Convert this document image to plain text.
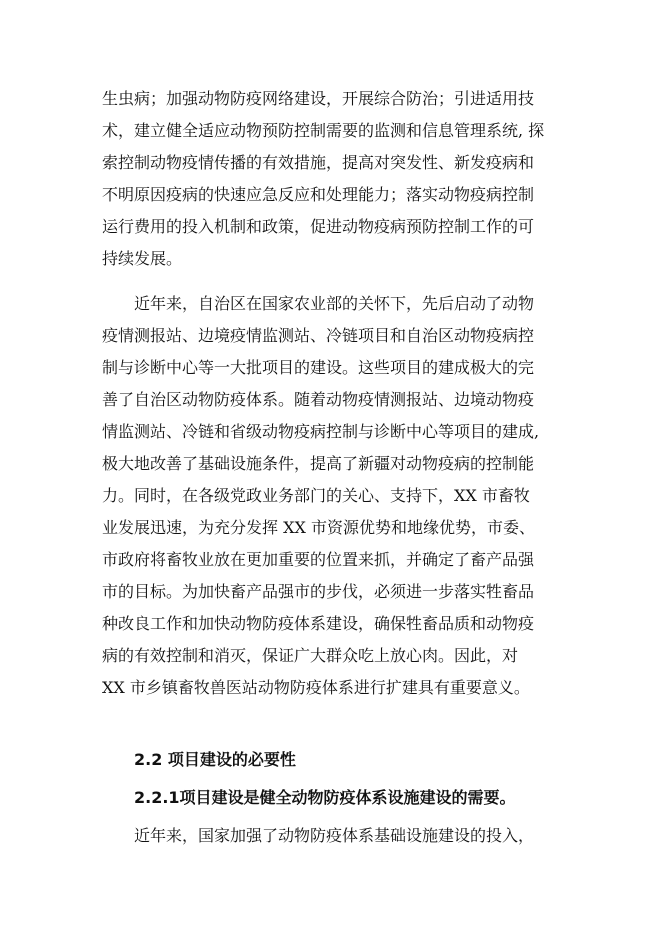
生虫病；加强动物防疫网络建设，开展综合防治；引进适用技
术，建立健全适应动物预防控制需要的监测和信息管理系统, 探
索控制动物疫情传播的有效措施，提高对突发性、新发疫病和
不明原因疫病的快速应急反应和处理能力；落实动物疫病控制
运行费用的投入机制和政策，促进动物疫病预防控制工作的可
持续发展。
近年来，自治区在国家农业部的关怀下，先后启动了动物
疫情测报站、边境疫情监测站、冷链项目和自治区动物疫病控
制与诊断中心等一大批项目的建设。这些项目的建成极大的完
善了自治区动物防疫体系。随着动物疫情测报站、边境动物疫
情监测站、冷链和省级动物疫病控制与诊断中心等项目的建成,
极大地改善了基础设施条件，提高了新疆对动物疫病的控制能
力。同时，在各级党政业务部门的关心、支持下，XX 市畜牧
业发展迅速，为充分发挥 XX 市资源优势和地缘优势，市委、
市政府将畜牧业放在更加重要的位置来抓，并确定了畜产品强
市的目标。为加快畜产品强市的步伐，必须进一步落实牲畜品
种改良工作和加快动物防疫体系建设，确保牲畜品质和动物疫
病的有效控制和消灭，保证广大群众吃上放心肉。因此，对
XX 市乡镇畜牧兽医站动物防疫体系进行扩建具有重要意义。
2.2 项目建设的必要性
2.2.1项目建设是健全动物防疫体系设施建设的需要。
近年来，国家加强了动物防疫体系基础设施建设的投入，
